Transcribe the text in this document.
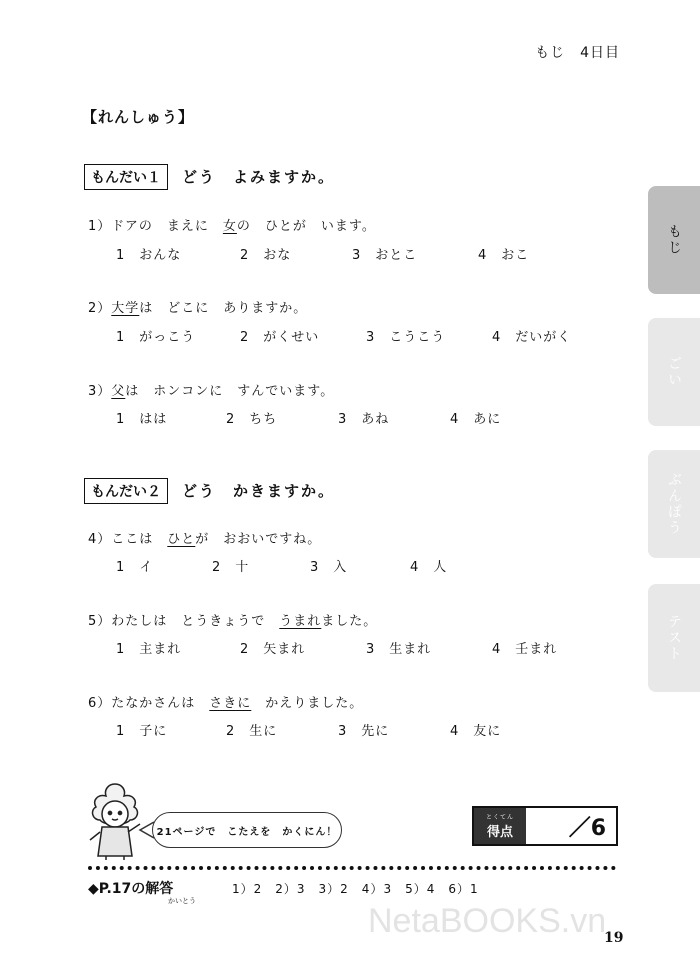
もじ　4日目
もじ
ごい
ぶんぽう
テスト
【れんしゅう】
もんだい１	どう　よみますか。
1）ドアの　まえに　女の　ひとが　います。
1　おんな	2　おな	3　おとこ	4　おこ
2）大学は　どこに　ありますか。
1　がっこう	2　がくせい	3　こうこう	4　だいがく
3）父は　ホンコンに　すんでいます。
1　はは	2　ちち	3　あね	4　あに
もんだい２	どう　かきますか。
4）ここは　ひとが　おおいですね。
1　イ	2　十	3　入	4　人
5）わたしは　とうきょうで　うまれました。
1　主まれ	2　矢まれ	3　生まれ	4　壬まれ
6）たなかさんは　さきに　かえりました。
1　子に	2　生に	3　先に	4　友に
21ページで　こたえを　かくにん！
とくてん
得点	／6
◆P.17の解答
かいとう
1）2　2）3　3）2　4）3　5）4　6）1
NetaBOOKS.vn
19
